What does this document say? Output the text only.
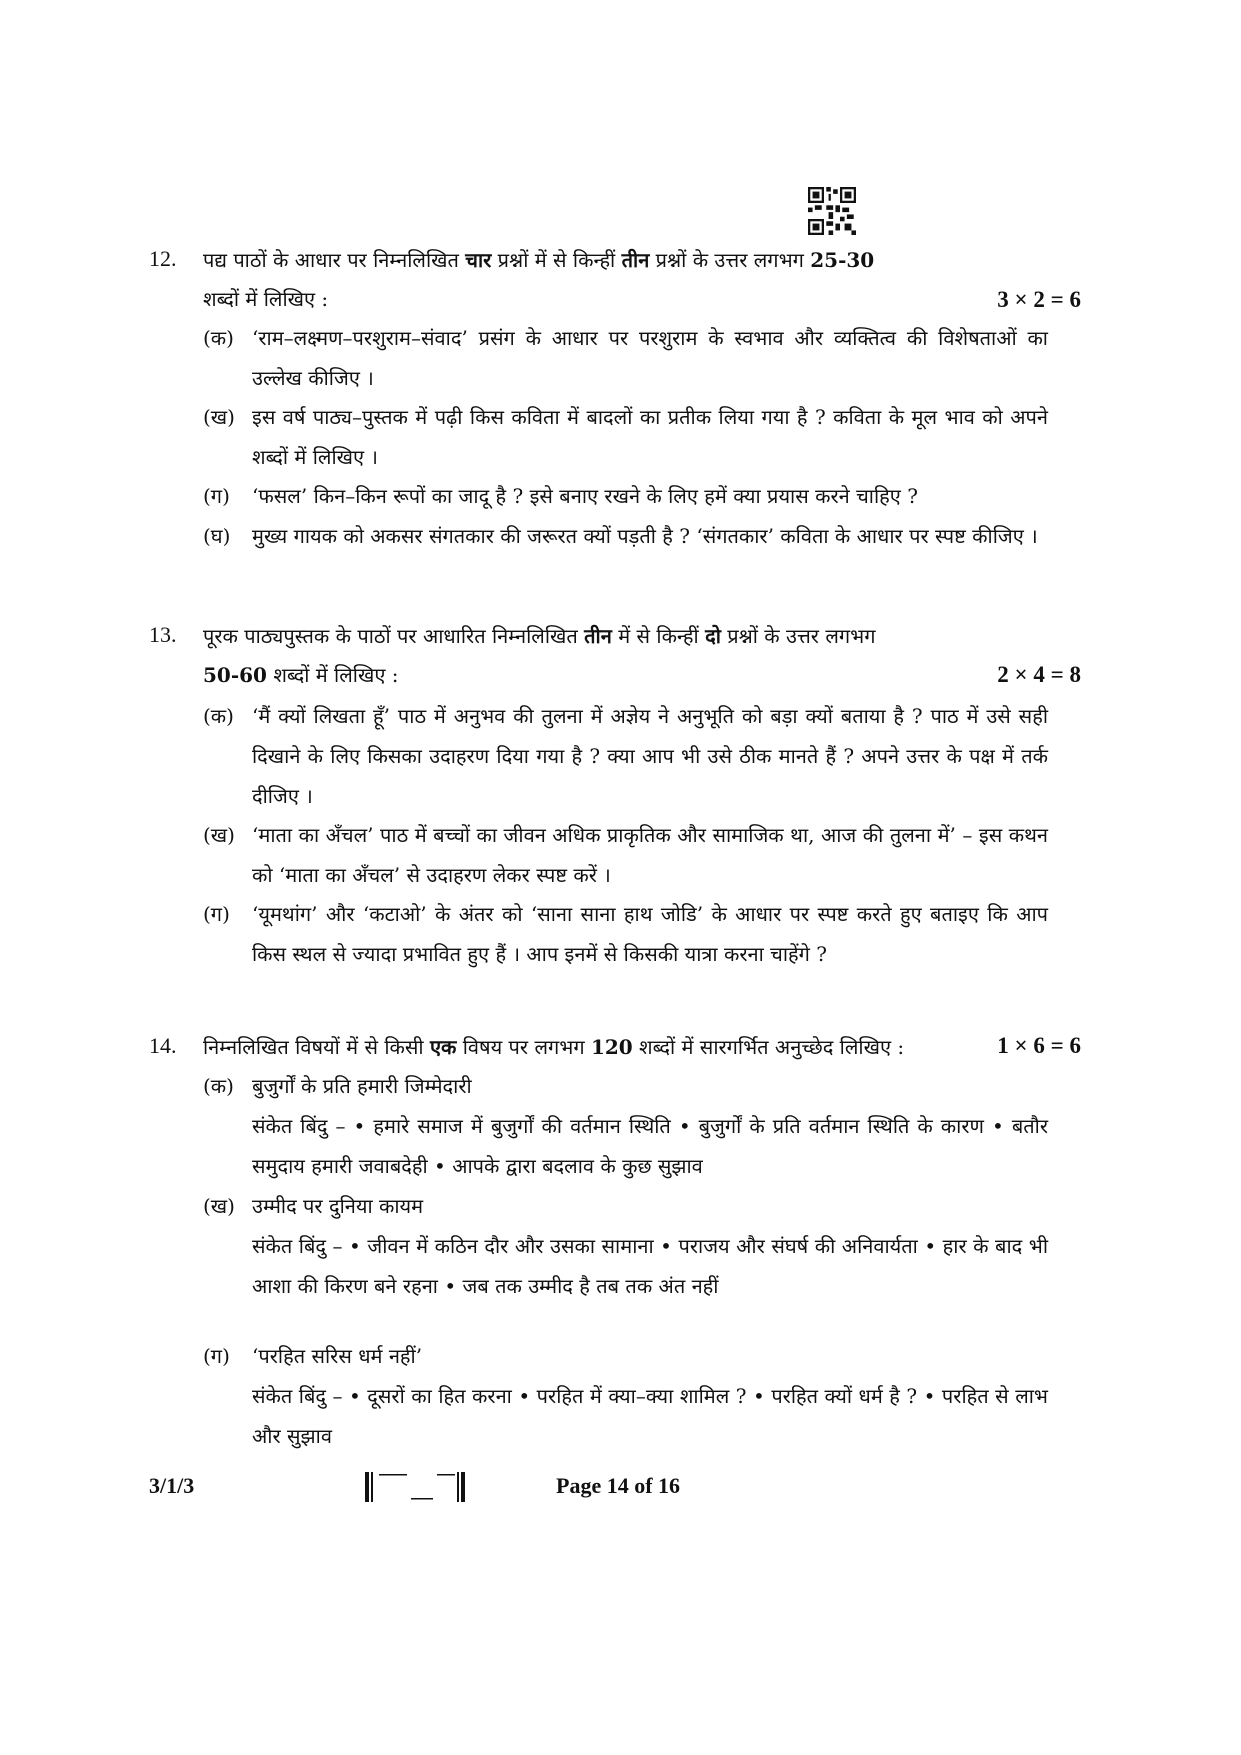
12.	पद्य पाठों के आधार पर निम्नलिखित चार प्रश्नों में से किन्हीं तीन प्रश्नों के उत्तर लगभग 25-30
शब्दों में लिखिए :	3 × 2 = 6
(क) ‘राम–लक्ष्मण–परशुराम–संवाद’ प्रसंग के आधार पर परशुराम के स्वभाव और व्यक्तित्व की विशेषताओं का उल्लेख कीजिए ।
(ख) इस वर्ष पाठ्य–पुस्तक में पढ़ी किस कविता में बादलों का प्रतीक लिया गया है ? कविता के मूल भाव को अपने शब्दों में लिखिए ।
(ग) ‘फसल’ किन–किन रूपों का जादू है ? इसे बनाए रखने के लिए हमें क्या प्रयास करने चाहिए ?
(घ) मुख्य गायक को अकसर संगतकार की जरूरत क्यों पड़ती है ? ‘संगतकार’ कविता के आधार पर स्पष्ट कीजिए ।
13.	पूरक पाठ्यपुस्तक के पाठों पर आधारित निम्नलिखित तीन में से किन्हीं दो प्रश्नों के उत्तर लगभग
50-60 शब्दों में लिखिए :	2 × 4 = 8
(क) ‘मैं क्यों लिखता हूँ’ पाठ में अनुभव की तुलना में अज्ञेय ने अनुभूति को बड़ा क्यों बताया है ? पाठ में उसे सही दिखाने के लिए किसका उदाहरण दिया गया है ? क्या आप भी उसे ठीक मानते हैं ? अपने उत्तर के पक्ष में तर्क दीजिए ।
(ख) ‘माता का अँचल’ पाठ में बच्चों का जीवन अधिक प्राकृतिक और सामाजिक था, आज की तुलना में’ – इस कथन को ‘माता का अँचल’ से उदाहरण लेकर स्पष्ट करें ।
(ग) ‘यूमथांग’ और ‘कटाओ’ के अंतर को ‘साना साना हाथ जोडि’ के आधार पर स्पष्ट करते हुए बताइए कि आप किस स्थल से ज्यादा प्रभावित हुए हैं । आप इनमें से किसकी यात्रा करना चाहेंगे ?
14.	निम्नलिखित विषयों में से किसी एक विषय पर लगभग 120 शब्दों में सारगर्भित अनुच्छेद लिखिए :	1 × 6 = 6
(क) बुजुर्गों के प्रति हमारी जिम्मेदारी
संकेत बिंदु – • हमारे समाज में बुजुर्गों की वर्तमान स्थिति • बुजुर्गों के प्रति वर्तमान स्थिति के कारण • बतौर समुदाय हमारी जवाबदेही • आपके द्वारा बदलाव के कुछ सुझाव
(ख) उम्मीद पर दुनिया कायम
संकेत बिंदु – • जीवन में कठिन दौर और उसका सामाना • पराजय और संघर्ष की अनिवार्यता • हार के बाद भी आशा की किरण बने रहना • जब तक उम्मीद है तब तक अंत नहीं
(ग) ‘परहित सरिस धर्म नहीं’
संकेत बिंदु – • दूसरों का हित करना • परहित में क्या–क्या शामिल ? • परहित क्यों धर्म है ? • परहित से लाभ और सुझाव
3/1/3	Page 14 of 16
